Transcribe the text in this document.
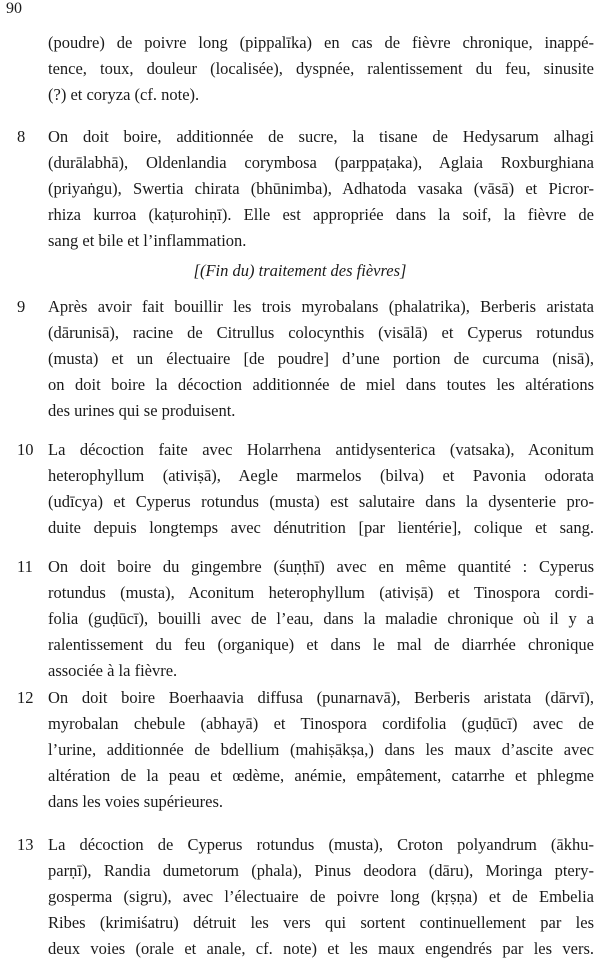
90
[(Fin du) traitement des fièvres]
(poudre) de poivre long (pippalīka) en cas de fièvre chronique, inappé-
tence, toux, douleur (localisée), dyspnée, ralentissement du feu, sinusite
(?) et coryza (cf. note).
8 On doit boire, additionnée de sucre, la tisane de Hedysarum alhagi
(durālabhā), Oldenlandia corymbosa (parppaṭaka), Aglaia Roxburghiana
(priyaṅgu), Swertia chirata (bhūnimba), Adhatoda vasaka (vāsā) et Picror-
rhiza kurroa (kaṭurohiṇī). Elle est appropriée dans la soif, la fièvre de
sang et bile et l’inflammation.
9 Après avoir fait bouillir les trois myrobalans (phalatrika), Berberis aristata
(dārunisā), racine de Citrullus colocynthis (visālā) et Cyperus rotundus
(musta) et un électuaire [de poudre] d’une portion de curcuma (nisā),
on doit boire la décoction additionnée de miel dans toutes les altérations
des urines qui se produisent.
10 La décoction faite avec Holarrhena antidysenterica (vatsaka), Aconitum
heterophyllum (ativiṣā), Aegle marmelos (bilva) et Pavonia odorata
(udīcya) et Cyperus rotundus (musta) est salutaire dans la dysenterie pro-
duite depuis longtemps avec dénutrition [par lientérie], colique et sang.
11 On doit boire du gingembre (śuṇṭhī) avec en même quantité : Cyperus
rotundus (musta), Aconitum heterophyllum (ativiṣā) et Tinospora cordi-
folia (guḍūcī), bouilli avec de l’eau, dans la maladie chronique où il y a
ralentissement du feu (organique) et dans le mal de diarrhée chronique
associée à la fièvre.
12 On doit boire Boerhaavia diffusa (punarnavā), Berberis aristata (dārvī),
myrobalan chebule (abhayā) et Tinospora cordifolia (guḍūcī) avec de
l’urine, additionnée de bdellium (mahiṣākṣa,) dans les maux d’ascite avec
altération de la peau et œdème, anémie, empâtement, catarrhe et phlegme
dans les voies supérieures.
13 La décoction de Cyperus rotundus (musta), Croton polyandrum (ākhu-
parṇī), Randia dumetorum (phala), Pinus deodora (dāru), Moringa ptery-
gosperma (sigru), avec l’électuaire de poivre long (kṛṣṇa) et de Embelia
Ribes (krimiśatru) détruit les vers qui sortent continuellement par les
deux voies (orale et anale, cf. note) et les maux engendrés par les vers.
